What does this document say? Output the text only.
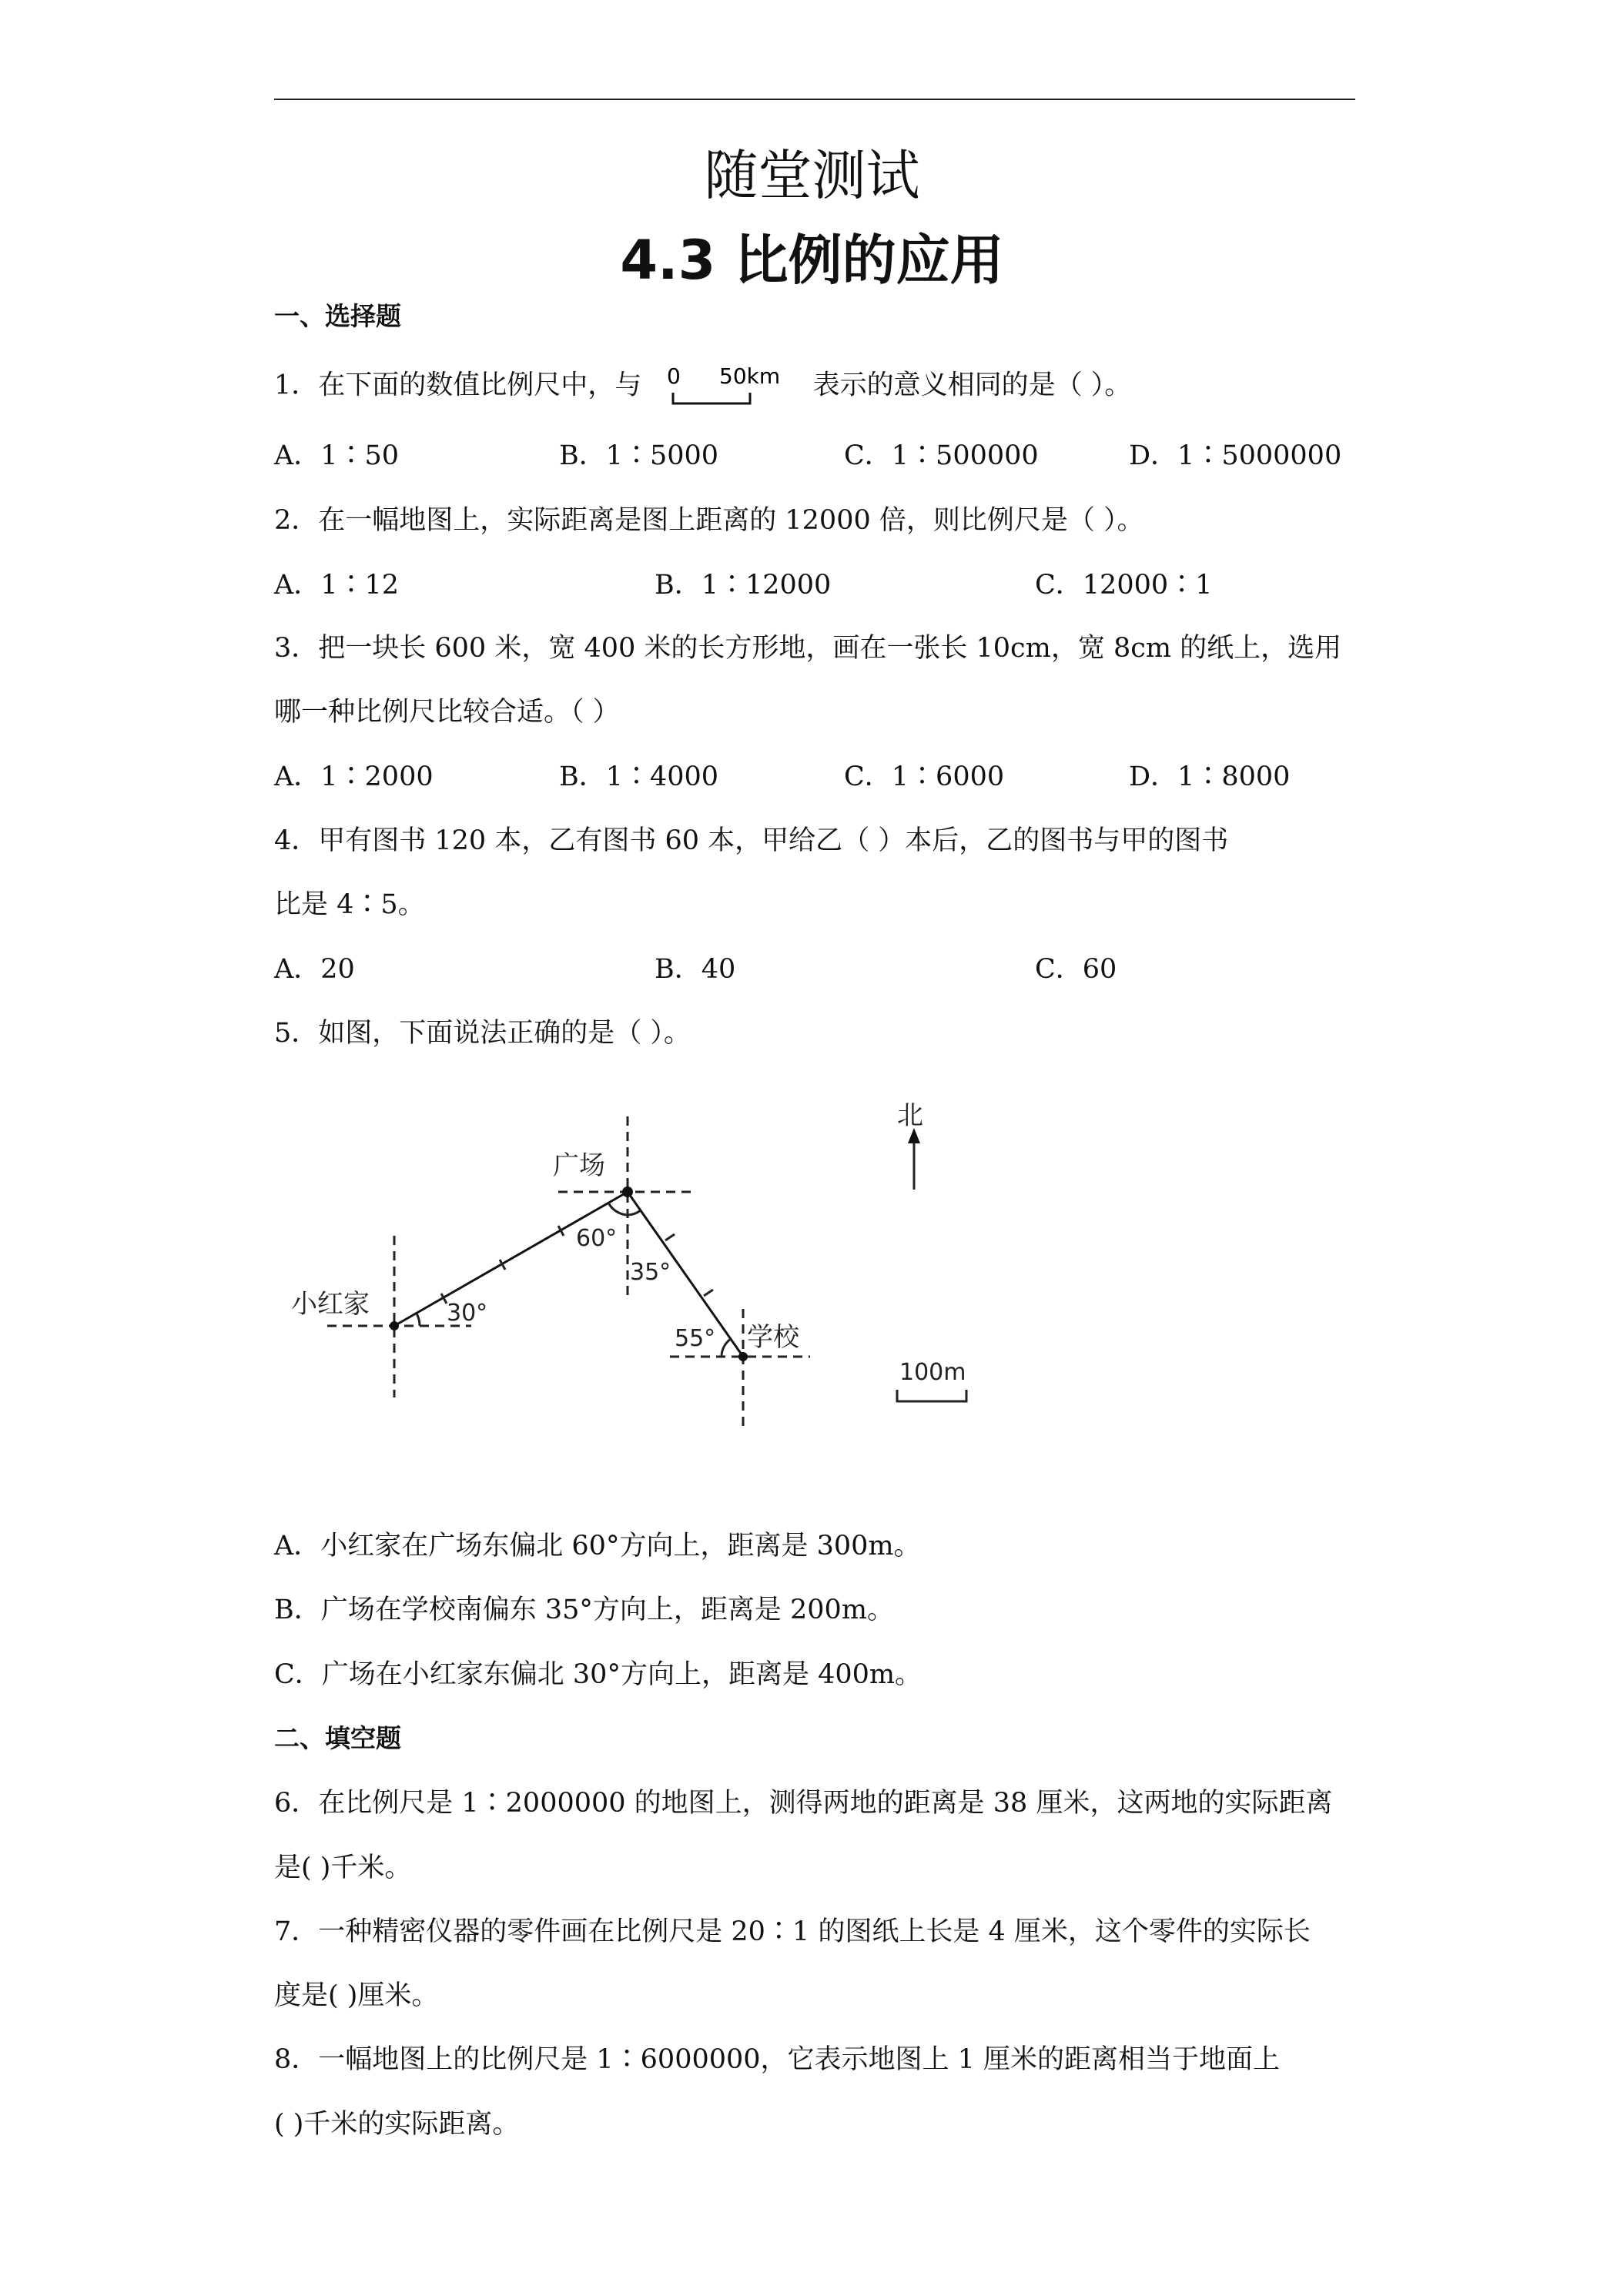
随堂测试
4.3 比例的应用
一、选择题
1．在下面的数值比例尺中，与 0 50km 表示的意义相同的是（ ）。
A．1∶50	B．1∶5000	C．1∶500000	D．1∶5000000
2．在一幅地图上，实际距离是图上距离的 12000 倍，则比例尺是（ ）。
A．1∶12	B．1∶12000	C．12000∶1
3．把一块长 600 米，宽 400 米的长方形地，画在一张长 10cm，宽 8cm 的纸上，选用
哪一种比例尺比较合适。（ ）
A．1∶2000	B．1∶4000	C．1∶6000	D．1∶8000
4．甲有图书 120 本，乙有图书 60 本，甲给乙（ ）本后，乙的图书与甲的图书
比是 4∶5。
A．20	B．40	C．60
5．如图，下面说法正确的是（ ）。
北
广场
小红家
学校
30°
60°
35°
55°
100m
A．小红家在广场东偏北 60°方向上，距离是 300m。
B．广场在学校南偏东 35°方向上，距离是 200m。
C．广场在小红家东偏北 30°方向上，距离是 400m。
二、填空题
6．在比例尺是 1∶2000000 的地图上，测得两地的距离是 38 厘米，这两地的实际距离
是( )千米。
7．一种精密仪器的零件画在比例尺是 20∶1 的图纸上长是 4 厘米，这个零件的实际长
度是( )厘米。
8．一幅地图上的比例尺是 1∶6000000，它表示地图上 1 厘米的距离相当于地面上
( )千米的实际距离。
